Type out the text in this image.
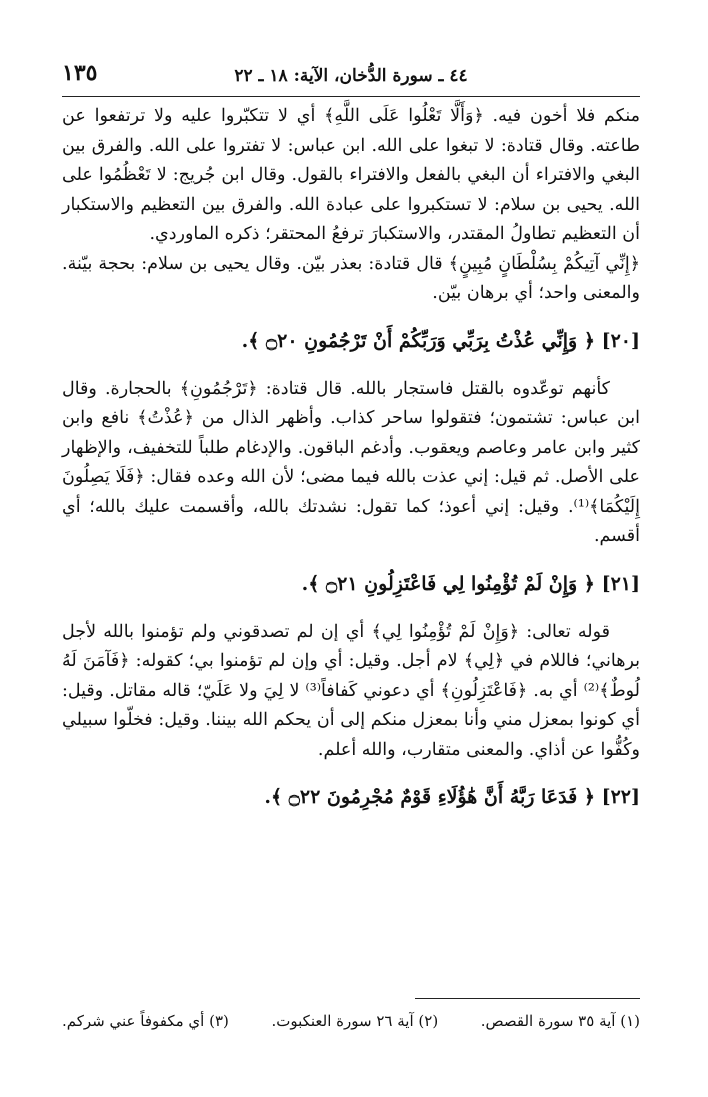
١٣٥	٤٤ ـ سورة الدُّخان، الآية: ١٨ ـ ٢٢

منكم فلا أخون فيه. ﴿وَأَلَّا تَعْلُوا عَلَى اللَّهِ﴾ أي لا تتكبّروا عليه ولا ترتفعوا عن طاعته. وقال قتادة: لا تبغوا على الله. ابن عباس: لا تفتروا على الله. والفرق بين البغي والافتراء أن البغي بالفعل والافتراء بالقول. وقال ابن جُريج: لا تَعْظُمُوا على الله. يحيى بن سلام: لا تستكبروا على عبادة الله. والفرق بين التعظيم والاستكبار أن التعظيم تطاولُ المقتدر، والاستكبارَ ترفعُ المحتقر؛ ذكره الماوردي.

﴿إِنِّي آتِيكُمْ بِسُلْطَانٍ مُبِينٍ﴾ قال قتادة: بعذر بيّن. وقال يحيى بن سلام: بحجة بيّنة. والمعنى واحد؛ أي برهان بيّن.

[٢٠] ﴿ وَإِنِّي عُذْتُ بِرَبِّي وَرَبِّكُمْ أَنْ تَرْجُمُونِ ۝٢٠ ﴾.

كأنهم توعّدوه بالقتل فاستجار بالله. قال قتادة: ﴿تَرْجُمُونِ﴾ بالحجارة. وقال ابن عباس: تشتمون؛ فتقولوا ساحر كذاب. وأظهر الذال من ﴿عُذْتُ﴾ نافع وابن كثير وابن عامر وعاصم ويعقوب. وأدغم الباقون. والإدغام طلباً للتخفيف، والإظهار على الأصل. ثم قيل: إني عذت بالله فيما مضى؛ لأن الله وعده فقال: ﴿فَلَا يَصِلُونَ إِلَيْكُمَا﴾⁽¹⁾. وقيل: إني أعوذ؛ كما تقول: نشدتك بالله، وأقسمت عليك بالله؛ أي أقسم.

[٢١] ﴿ وَإِنْ لَمْ تُؤْمِنُوا لِي فَاعْتَزِلُونِ ۝٢١ ﴾.

قوله تعالى: ﴿وَإِنْ لَمْ تُؤْمِنُوا لِي﴾ أي إن لم تصدقوني ولم تؤمنوا بالله لأجل برهاني؛ فاللام في ﴿لِي﴾ لام أجل. وقيل: أي وإن لم تؤمنوا بي؛ كقوله: ﴿فَآمَنَ لَهُ لُوطٌ﴾⁽²⁾ أي به. ﴿فَاعْتَزِلُونِ﴾ أي دعوني كَفافاً⁽³⁾ لا لِيَ ولا عَلَيّ؛ قاله مقاتل. وقيل: أي كونوا بمعزل مني وأنا بمعزل منكم إلى أن يحكم الله بيننا. وقيل: فخلّوا سبيلي وكُفُّوا عن أذاي. والمعنى متقارب، والله أعلم.

[٢٢] ﴿ فَدَعَا رَبَّهُ أَنَّ هَٰؤُلَاءِ قَوْمٌ مُجْرِمُونَ ۝٢٢ ﴾.

(١) آية ٣٥ سورة القصص.
(٢) آية ٢٦ سورة العنكبوت.
(٣) أي مكفوفاً عني شركم.
